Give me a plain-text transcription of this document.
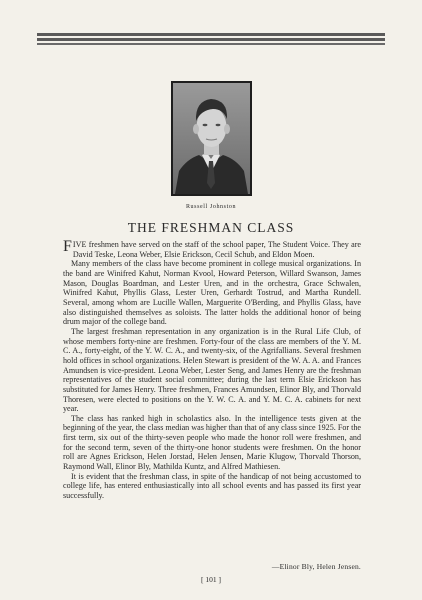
Russell Johnston
THE FRESHMAN CLASS

FIVE freshmen have served on the staff of the school paper, The Student Voice. They are David Teske, Leona Weber, Elsie Erickson, Cecil Schub, and Eldon Moen.

Many members of the class have become prominent in college musical organizations. In the band are Winifred Kahut, Norman Kvool, Howard Peterson, Willard Swanson, James Mason, Douglas Boardman, and Lester Uren, and in the orchestra, Grace Schwalen, Winifred Kahut, Phyllis Glass, Lester Uren, Gerhardt Tostrud, and Martha Rundell. Several, among whom are Lucille Wallen, Marguerite O'Berding, and Phyllis Glass, have also distinguished themselves as soloists. The latter holds the additional honor of being drum major of the college band.

The largest freshman representation in any organization is in the Rural Life Club, of whose members forty-nine are freshmen. Forty-four of the class are members of the Y. M. C. A., forty-eight, of the Y. W. C. A., and twenty-six, of the Agrifallians. Several freshmen hold offices in school organizations. Helen Stewart is president of the W. A. A. and Frances Amundsen is vice-president. Leona Weber, Lester Seng, and James Henry are the freshman representatives of the student social committee; during the last term Elsie Erickson has substituted for James Henry. Three freshmen, Frances Amundsen, Elinor Bly, and Thorvald Thoresen, were elected to positions on the Y. W. C. A. and Y. M. C. A. cabinets for next year.

The class has ranked high in scholastics also. In the intelligence tests given at the beginning of the year, the class median was higher than that of any class since 1925. For the first term, six out of the thirty-seven people who made the honor roll were freshmen, and for the second term, seven of the thirty-one honor students were freshmen. On the honor roll are Agnes Erickson, Helen Jorstad, Helen Jensen, Marie Klugow, Thorvald Thorson, Raymond Wall, Elinor Bly, Mathilda Kuntz, and Alfred Mathiesen.

It is evident that the freshman class, in spite of the handicap of not being accustomed to college life, has entered enthusiastically into all school events and has passed its first year successfully.

—Elinor Bly, Helen Jensen.
[ 101 ]
